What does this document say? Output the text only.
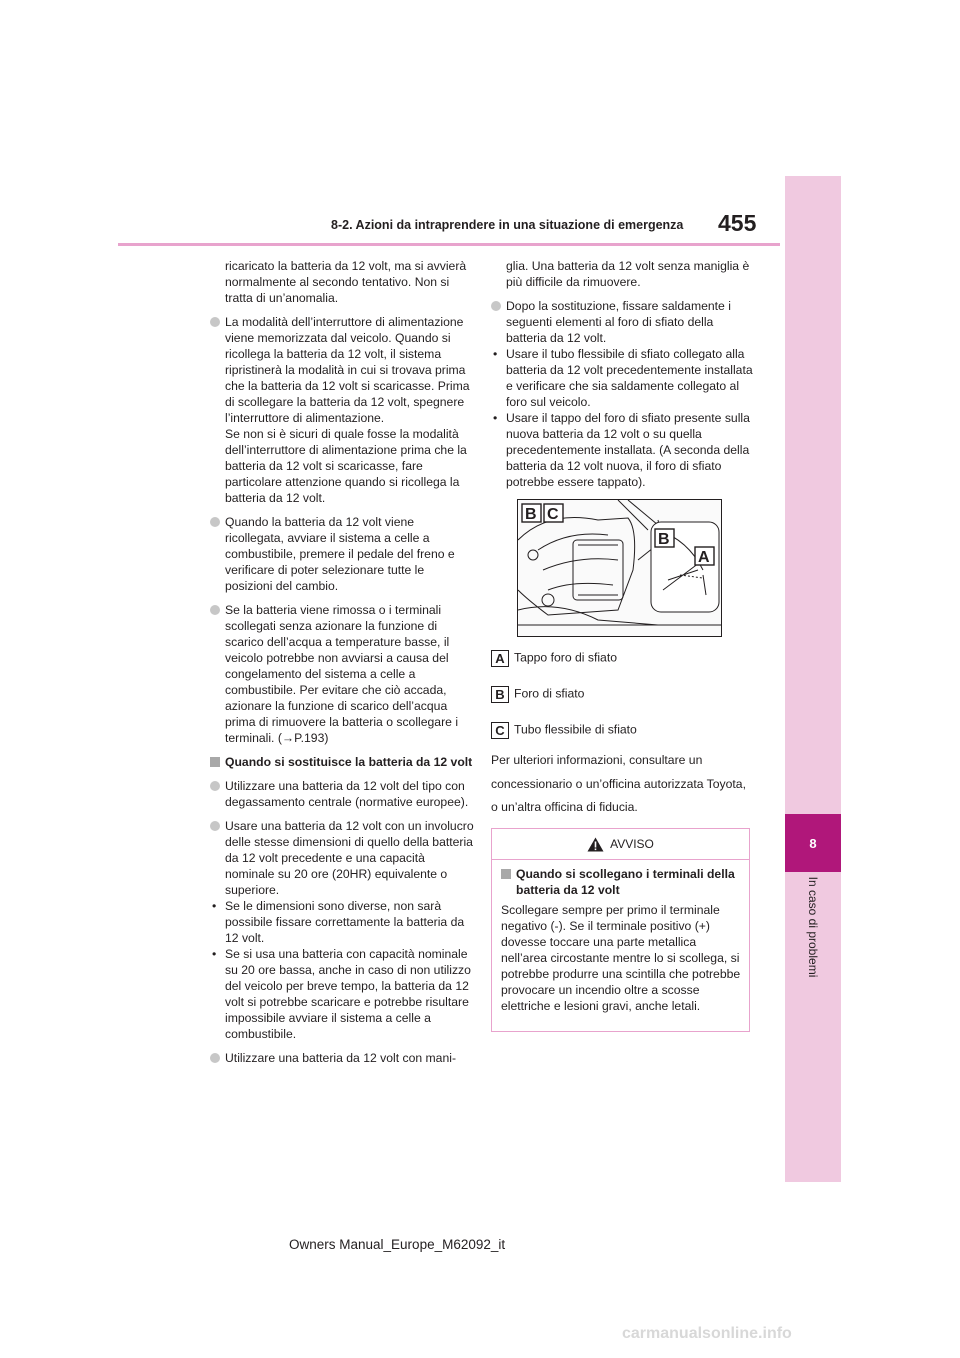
8-2. Azioni da intraprendere in una situazione di emergenza 455
8
In caso di problemi

ricaricato la batteria da 12 volt, ma si avvierà normalmente al secondo tentativo. Non si tratta di un’anomalia.

La modalità dell’interruttore di alimentazione viene memorizzata dal veicolo. Quando si ricollega la batteria da 12 volt, il sistema ripristinerà la modalità in cui si trovava prima che la batteria da 12 volt si scaricasse. Prima di scollegare la batteria da 12 volt, spegnere l’interruttore di alimentazione.

Se non si è sicuri di quale fosse la modalità dell’interruttore di alimentazione prima che la batteria da 12 volt si scaricasse, fare particolare attenzione quando si ricollega la batteria da 12 volt.

Quando la batteria da 12 volt viene ricollegata, avviare il sistema a celle a combustibile, premere il pedale del freno e verificare di poter selezionare tutte le posizioni del cambio.

Se la batteria viene rimossa o i terminali scollegati senza azionare la funzione di scarico dell’acqua a temperature basse, il veicolo potrebbe non avviarsi a causa del congelamento del sistema a celle a combustibile. Per evitare che ciò accada, azionare la funzione di scarico dell’acqua prima di rimuovere la batteria o scollegare i terminali. (→P.193)

Quando si sostituisce la batteria da 12 volt

Utilizzare una batteria da 12 volt del tipo con degassamento centrale (normative europee).

Usare una batteria da 12 volt con un involucro delle stesse dimensioni di quello della batteria da 12 volt precedente e una capacità nominale su 20 ore (20HR) equivalente o superiore.

• Se le dimensioni sono diverse, non sarà possibile fissare correttamente la batteria da 12 volt.

• Se si usa una batteria con capacità nominale su 20 ore bassa, anche in caso di non utilizzo del veicolo per breve tempo, la batteria da 12 volt si potrebbe scaricare e potrebbe risultare impossibile avviare il sistema a celle a combustibile.

Utilizzare una batteria da 12 volt con mani-

glia. Una batteria da 12 volt senza maniglia è più difficile da rimuovere.

Dopo la sostituzione, fissare saldamente i seguenti elementi al foro di sfiato della batteria da 12 volt.

• Usare il tubo flessibile di sfiato collegato alla batteria da 12 volt precedentemente installata e verificare che sia saldamente collegato al foro sul veicolo.

• Usare il tappo del foro di sfiato presente sulla nuova batteria da 12 volt o su quella precedentemente installata. (A seconda della batteria da 12 volt nuova, il foro di sfiato potrebbe essere tappato).

B C
B
A
A Tappo foro di sfiato
B Foro di sfiato
C Tubo flessibile di sfiato
Per ulteriori informazioni, consultare un concessionario o un’officina autorizzata Toyota, o un’altra officina di fiducia.
AVVISO

Quando si scollegano i terminali della batteria da 12 volt

Scollegare sempre per primo il terminale negativo (-). Se il terminale positivo (+) dovesse toccare una parte metallica nell’area circostante mentre lo si scollega, si potrebbe produrre una scintilla che potrebbe provocare un incendio oltre a scosse elettriche e lesioni gravi, anche letali.

Owners Manual_Europe_M62092_it
carmanualsonline.info
